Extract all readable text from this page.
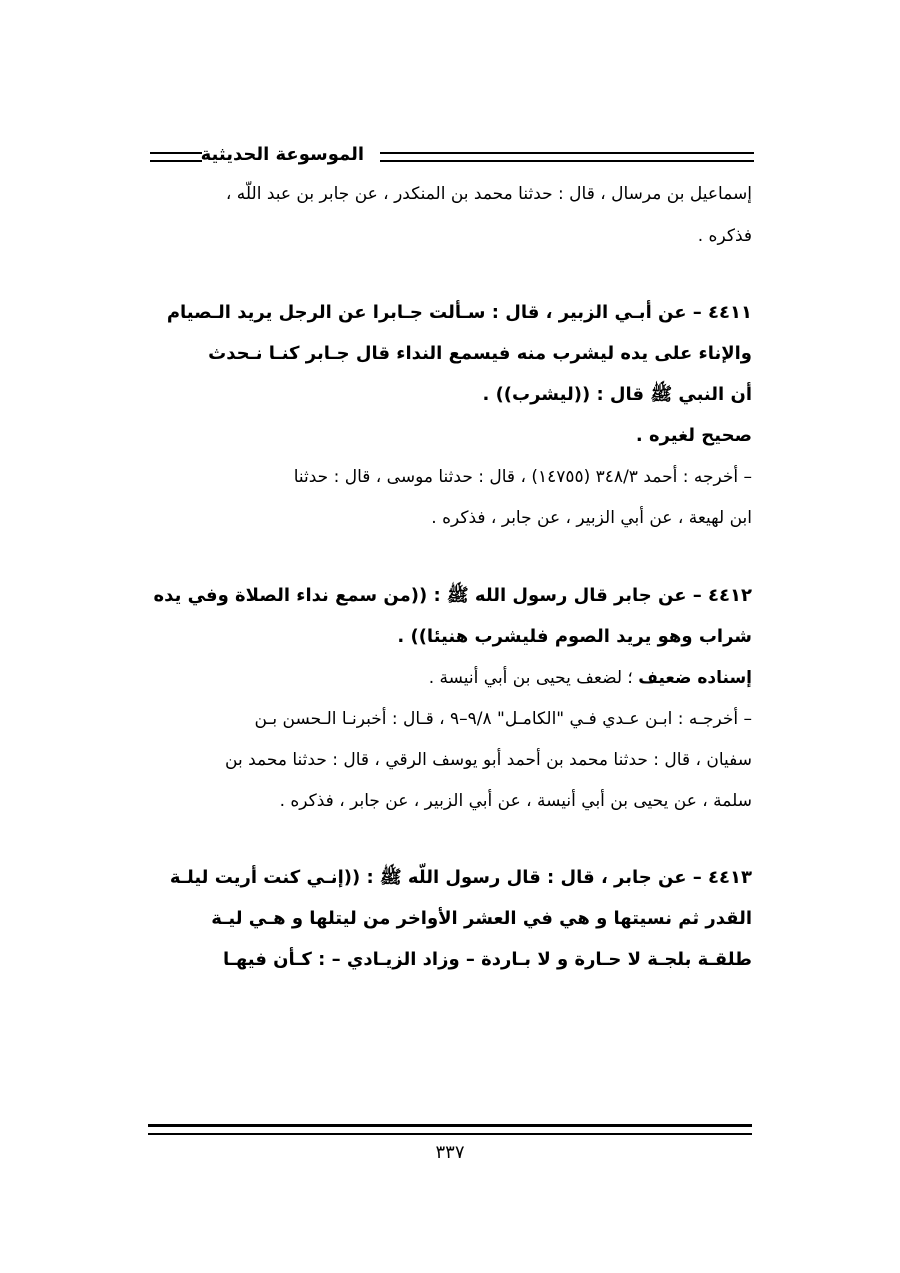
الموسوعة الحديثية
إسماعيل بن مرسال ، قال : حدثنا محمد بن المنكدر ، عن جابر بن عبد اللّه ،
فذكره .
٤٤١١ – عن أبـي الزبير ، قال : سـألت جـابرا عن الرجل يريد الـصيام
والإناء على يده ليشرب منه فيسمع النداء قال جـابر كنـا نـحدث
أن النبي ﷺ قال : ((ليشرب)) .
صحيح لغيره .
– أخرجه : أحمد ٣٤٨/٣ (١٤٧٥٥) ، قال : حدثنا موسى ، قال : حدثنا
ابن لهيعة ، عن أبي الزبير ، عن جابر ، فذكره .
٤٤١٢ – عن جابر قال رسول الله ﷺ : ((من سمع نداء الصلاة وفي يده
شراب وهو يريد الصوم فليشرب هنيئا)) .
إسناده ضعيف ؛ لضعف يحيى بن أبي أنيسة .
– أخرجـه : ابـن عـدي فـي "الكامـل" ٩/٨–٩ ، قـال : أخبرنـا الـحسن بـن
سفيان ، قال : حدثنا محمد بن أحمد أبو يوسف الرقي ، قال : حدثنا محمد بن
سلمة ، عن يحيى بن أبي أنيسة ، عن أبي الزبير ، عن جابر ، فذكره .
٤٤١٣ – عن جابر ، قال : قال رسول اللّه ﷺ : ((إنـي كنت أريت ليلـة
القدر ثم نسيتها و هي في العشر الأواخر من ليتلها و هـي ليـة
طلقـة بلجـة لا حـارة و لا بـاردة – وزاد الزيـادي – : كـأن فيهـا
٣٣٧
